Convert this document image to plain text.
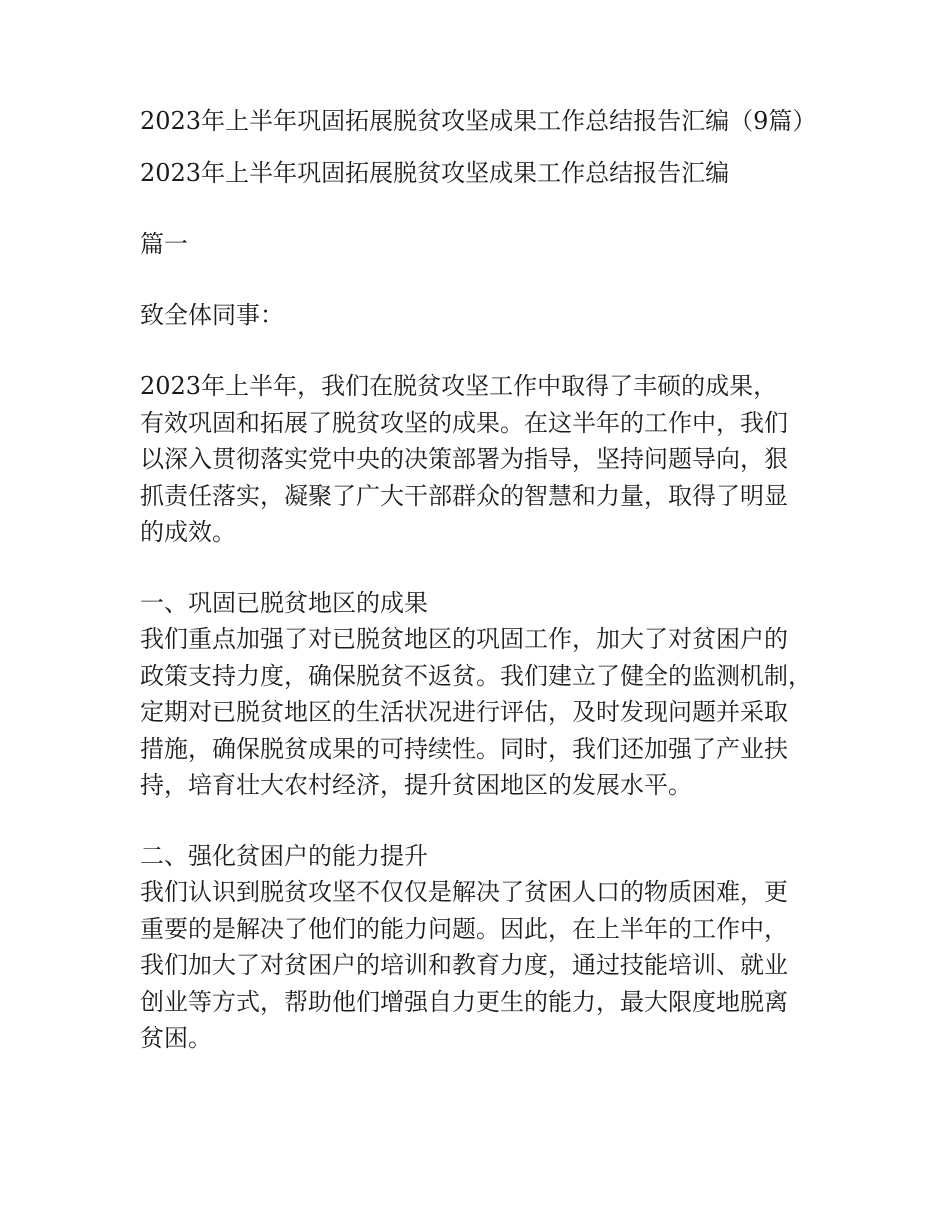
2023年上半年巩固拓展脱贫攻坚成果工作总结报告汇编（9篇）
2023年上半年巩固拓展脱贫攻坚成果工作总结报告汇编
篇一
致全体同事：
2023年上半年，我们在脱贫攻坚工作中取得了丰硕的成果，
有效巩固和拓展了脱贫攻坚的成果。在这半年的工作中，我们
以深入贯彻落实党中央的决策部署为指导，坚持问题导向，狠
抓责任落实，凝聚了广大干部群众的智慧和力量，取得了明显
的成效。
一、巩固已脱贫地区的成果
我们重点加强了对已脱贫地区的巩固工作，加大了对贫困户的
政策支持力度，确保脱贫不返贫。我们建立了健全的监测机制，
定期对已脱贫地区的生活状况进行评估，及时发现问题并采取
措施，确保脱贫成果的可持续性。同时，我们还加强了产业扶
持，培育壮大农村经济，提升贫困地区的发展水平。
二、强化贫困户的能力提升
我们认识到脱贫攻坚不仅仅是解决了贫困人口的物质困难，更
重要的是解决了他们的能力问题。因此，在上半年的工作中，
我们加大了对贫困户的培训和教育力度，通过技能培训、就业
创业等方式，帮助他们增强自力更生的能力，最大限度地脱离
贫困。
